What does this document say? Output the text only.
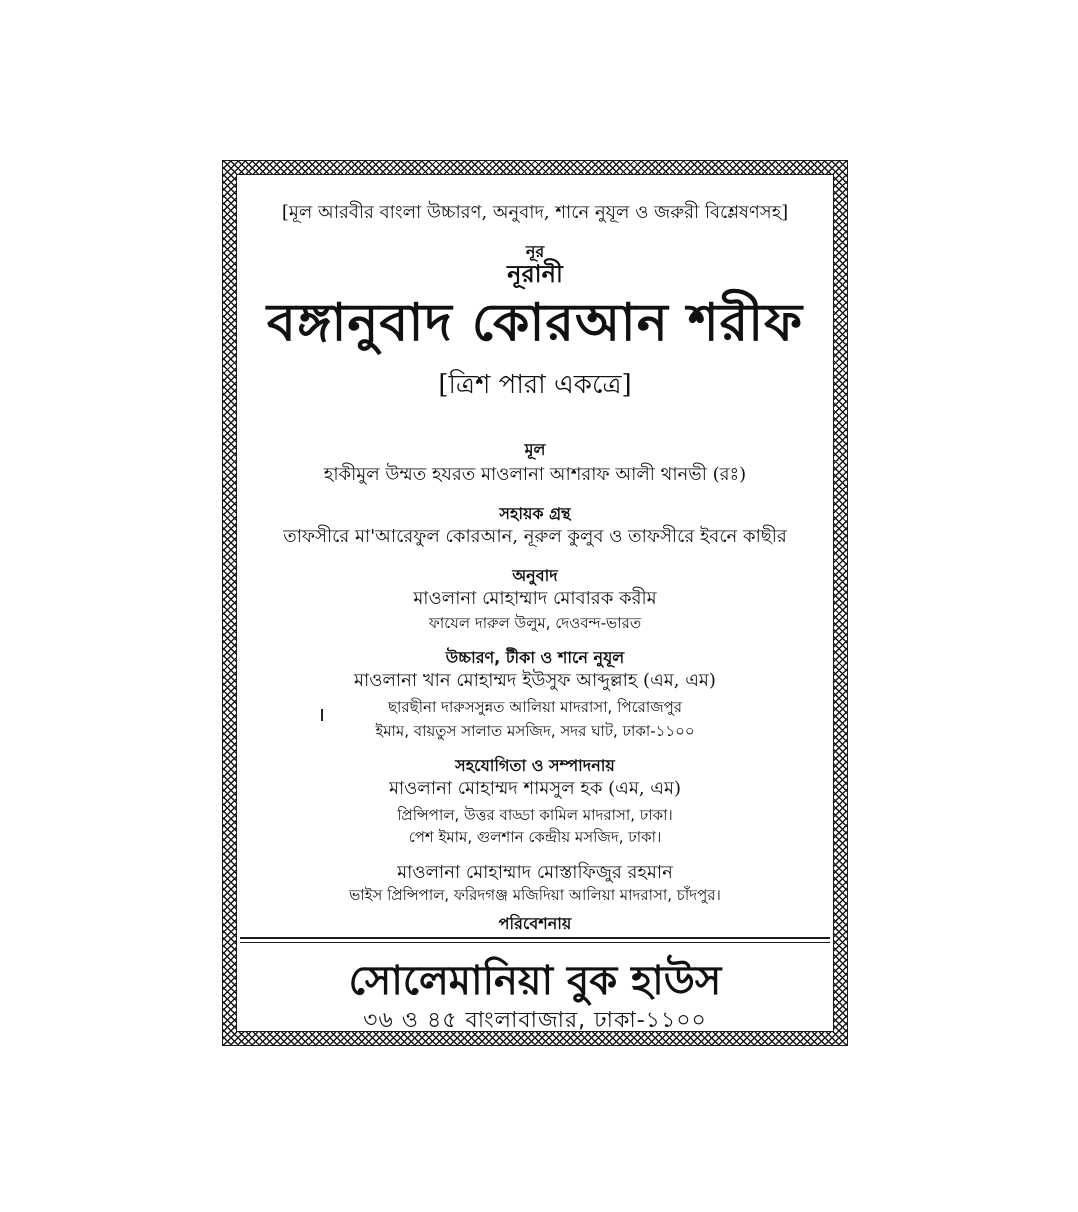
[মূল আরবীর বাংলা উচ্চারণ, অনুবাদ, শানে নুযূল ও জরুরী বিশ্লেষণসহ]
নূর
নূরানী
বঙ্গানুবাদ কোরআন শরীফ
[ত্রিশ পারা একত্রে]
মূল
হাকীমুল উম্মত হযরত মাওলানা আশরাফ আলী থানভী (রঃ)
সহায়ক গ্রন্থ
তাফসীরে মা'আরেফুল কোরআন, নূরুল কুলুব ও তাফসীরে ইবনে কাছীর
অনুবাদ
মাওলানা মোহাম্মাদ মোবারক করীম
ফাযেল দারুল উলুম, দেওবন্দ-ভারত
উচ্চারণ, টীকা ও শানে নুযূল
মাওলানা খান মোহাম্মদ ইউসুফ আব্দুল্লাহ (এম, এম)
ছারছীনা দারুসসুন্নত আলিয়া মাদরাসা, পিরোজপুর
ইমাম, বায়তুস সালাত মসজিদ, সদর ঘাট, ঢাকা-১১০০
সহযোগিতা ও সম্পাদনায়
মাওলানা মোহাম্মদ শামসুল হক (এম, এম)
প্রিন্সিপাল, উত্তর বাড্ডা কামিল মাদরাসা, ঢাকা।
পেশ ইমাম, গুলশান কেন্দ্রীয় মসজিদ, ঢাকা।
মাওলানা মোহাম্মাদ মোস্তাফিজুর রহমান
ভাইস প্রিন্সিপাল, ফরিদগঞ্জ মজিদিয়া আলিয়া মাদরাসা, চাঁদপুর।
পরিবেশনায়
সোলেমানিয়া বুক হাউস
৩৬ ও ৪৫ বাংলাবাজার, ঢাকা-১১০০
